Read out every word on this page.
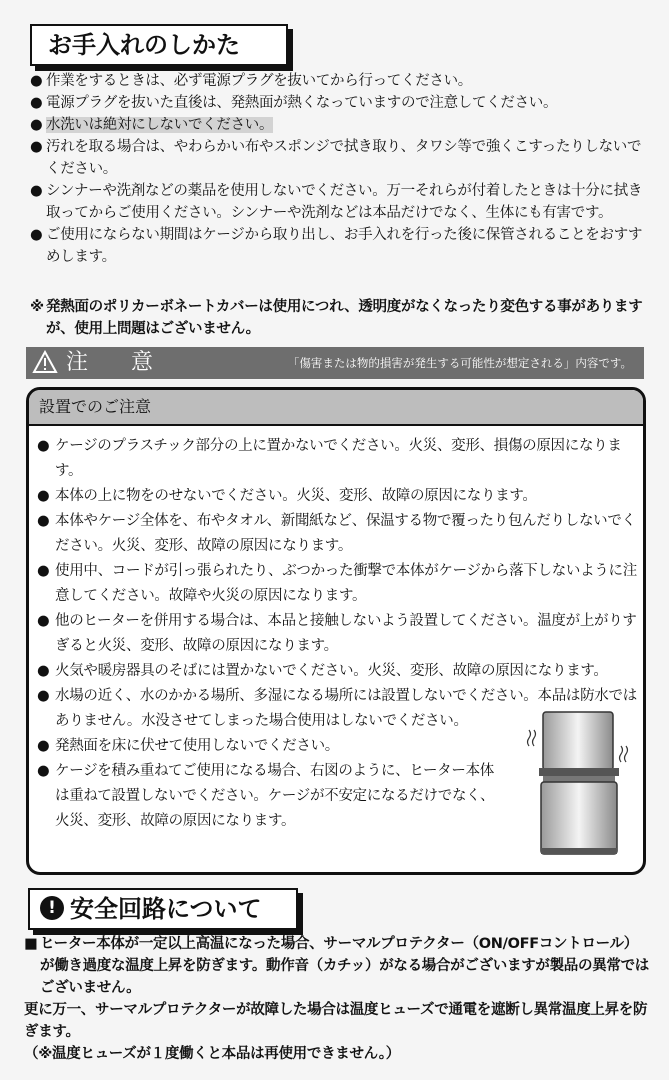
お手入れのしかた
● 作業をするときは、必ず電源プラグを抜いてから行ってください。
● 電源プラグを抜いた直後は、発熱面が熱くなっていますので注意してください。
● 水洗いは絶対にしないでください。
● 汚れを取る場合は、やわらかい布やスポンジで拭き取り、タワシ等で強くこすったりしないでください。
● シンナーや洗剤などの薬品を使用しないでください。万一それらが付着したときは十分に拭き取ってからご使用ください。シンナーや洗剤などは本品だけでなく、生体にも有害です。
● ご使用にならない期間はケージから取り出し、お手入れを行った後に保管されることをおすすめします。
※ 発熱面のポリカーボネートカバーは使用につれ、透明度がなくなったり変色する事がありますが、使用上問題はございません。
注 意	「傷害または物的損害が発生する可能性が想定される」内容です。
設置でのご注意
● ケージのプラスチック部分の上に置かないでください。火災、変形、損傷の原因になります。
● 本体の上に物をのせないでください。火災、変形、故障の原因になります。
● 本体やケージ全体を、布やタオル、新聞紙など、保温する物で覆ったり包んだりしないでください。火災、変形、故障の原因になります。
● 使用中、コードが引っ張られたり、ぶつかった衝撃で本体がケージから落下しないように注意してください。故障や火災の原因になります。
● 他のヒーターを併用する場合は、本品と接触しないよう設置してください。温度が上がりすぎると火災、変形、故障の原因になります。
● 火気や暖房器具のそばには置かないでください。火災、変形、故障の原因になります。
● 水場の近く、水のかかる場所、多湿になる場所には設置しないでください。本品は防水ではありません。水没させてしまった場合使用はしないでください。
● 発熱面を床に伏せて使用しないでください。
● ケージを積み重ねてご使用になる場合、右図のように、ヒーター本体は重ねて設置しないでください。ケージが不安定になるだけでなく、火災、変形、故障の原因になります。
! 安全回路について

■ ヒーター本体が一定以上高温になった場合、サーマルプロテクター（ON/OFFコントロール）が働き過度な温度上昇を防ぎます。動作音（カチッ）がなる場合がございますが製品の異常ではございません。

更に万一、サーマルプロテクターが故障した場合は温度ヒューズで通電を遮断し異常温度上昇を防ぎます。

（※温度ヒューズが１度働くと本品は再使用できません。）
